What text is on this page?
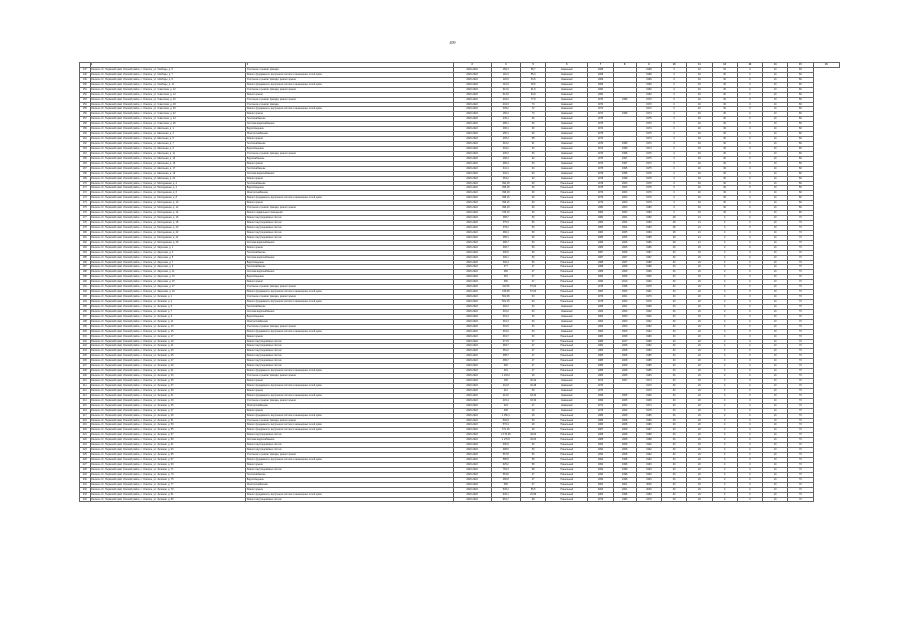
499
	1	2	3	4	5	6	7	8	9	10	11	12	13	14	15	16
147	Уинское с/п, Пермский край, Уинский район, с. Уинское, ул. Свободы, д. 5	Утепление и ремонт фасада	2020-2022	150,4	65,7	Каменный	1968		1968	0	40	30	0	10	80	
148	Уинское с/п, Пермский край, Уинский район, с. Уинское, ул. Свободы, д. 7	Ремонт фундамента, внутренних систем и инженерных сетей дома	2020-2022	118,4	55,3	Каменный	1968		1968	0	40	30	0	10	80	
149	Уинское с/п, Пермский край, Уинский район, с. Уинское, ул. Свободы, д. 9	Утепление и ремонт фасада, ремонт крыши	2020-2022	120,6	54,8	Каменный	1969		1969	0	40	30	0	10	80	
150	Уинское с/п, Пермский край, Уинский район, с. Уинское, ул. Свободы, д. 11	Ремонт фундамента, внутренних систем и инженерных сетей дома	2020-2022	110,9	49,5	Каменный	1969		1969	0	40	30	0	10	80	
151	Уинское с/п, Пермский край, Уинский район, с. Уинское, ул. Советская, д. 12	Утепление и ремонт фасада, ремонт крыши	2020-2022	612,6	61,8	Каменный	1960		1960	0	40	30	0	10	80	
152	Уинское с/п, Пермский край, Уинский район, с. Уинское, ул. Советская, д. 14	Ремонт крыши	2020-2022	613,6	64,8	Каменный	1960		1960	0	40	30	0	10	80	
153	Уинское с/п, Пермский край, Уинский район, с. Уинское, ул. Советская, д. 16	Утепление и ремонт фасада, ремонт крыши	2020-2022	204,2	77,8	Каменный	1970	1998	1970	0	40	30	0	10	80	
154	Уинское с/п, Пермский край, Уинский район, с. Уинское, ул. Советская, д. 18	Утепление и ремонт фасада	2020-2022	204,3	73	Каменный	1970		1970	0	40	30	0	10	80	
155	Уинское с/п, Пермский край, Уинский район, с. Уинское, ул. Советская, д. 20	Ремонт фундамента, внутренних систем и инженерных сетей дома	2020-2022	305,2	72	Каменный	1972		1972	0	40	30	0	10	80	
156	Уинское с/п, Пермский край, Уинский район, с. Уинское, ул. Советская, д. 22	Ремонт крыши	2020-2022	156,4	70	Каменный	1974	1998	1974	0	40	30	0	10	80	
157	Уинское с/п, Пермский край, Уинский район, с. Уинское, ул. Советская, д. 24	Теплоснабжение	2020-2022	245,1	60	Каменный	1975		1975	0	40	30	0	10	80	
158	Уинское с/п, Пермский край, Уинский район, с. Уинское, ул. Советская, д. 26	Система водоснабжения	2020-2022	286,1	60	Каменный	1976		1976	0	40	30	0	10	80	
159	Уинское с/п, Пермский край, Уинский район, с. Уинское, ул. Школьная, д. 1	Водоотведение	2020-2022	290,1	60	Каменный	1974		1974	0	40	30	0	10	80	
160	Уинское с/п, Пермский край, Уинский район, с. Уинское, ул. Школьная, д. 3	Электроснабжение	2020-2022	250,1	60	Каменный	1975		1975	0	40	30	0	10	80	
161	Уинское с/п, Пермский край, Уинский район, с. Уинское, ул. Школьная, д. 5	Ремонт крыши	2020-2022	205,2	58	Каменный	1973		1973	0	40	30	0	10	80	
162	Уинское с/п, Пермский край, Уинский район, с. Уинское, ул. Школьная, д. 7	Теплоснабжение	2020-2022	316,2	61	Каменный	1970	1995	1970	0	40	30	0	10	80	
163	Уинское с/п, Пермский край, Уинский район, с. Уинское, ул. Школьная, д. 9	Водоотведение	2020-2022	304,2	64	Каменный	1974	1995	1974	0	40	30	0	10	80	
164	Уинское с/п, Пермский край, Уинский район, с. Уинское, ул. Школьная, д. 11	Утепление и ремонт фасада, ремонт крыши	2020-2022	205,3	63	Каменный	1976	1998	1976	0	40	30	0	10	80	
165	Уинское с/п, Пермский край, Уинский район, с. Уинское, ул. Школьная, д. 13	Водоснабжение	2020-2022	298,3	62	Каменный	1975	1997	1975	0	40	30	0	10	80	
166	Уинское с/п, Пермский край, Уинский район, с. Уинское, ул. Школьная, д. 15	Ремонт крыши	2020-2022	280,4	63	Каменный	1973	1997	1973	0	40	30	0	10	80	
167	Уинское с/п, Пермский край, Уинский район, с. Уинское, ул. Школьная, д. 17	Теплоснабжение	2020-2022	341,1	64	Каменный	1975	1995	1975	0	40	30	0	10	80	
168	Уинское с/п, Пермский край, Уинский район, с. Уинское, ул. Школьная, д. 19	Система водоснабжения	2020-2022	342,1	63	Каменный	1978	1995	1978	0	40	30	0	10	80	
169	Уинское с/п, Пермский край, Уинский район, с. Уинское, ул. Школьная, д. 21	Ремонт крыши	2020-2022	354,2	62	Каменный	1978	1998	1978	0	40	30	0	10	80	
170	Уинское с/п, Пермский край, Уинский район, с. Уинское, ул. Молодежная, д. 2	Теплоснабжение	2020-2022	390,18	60	Панельный	1978	2003	1978	0	40	30	0	10	80	
171	Уинское с/п, Пермский край, Уинский район, с. Уинское, ул. Молодежная, д. 4	Водоотведение	2020-2022	395,18	60	Панельный	1978	2003	1978	0	40	30	0	10	80	
172	Уинское с/п, Пермский край, Уинский район, с. Уинское, ул. Молодежная, д. 6	Электроснабжение	2020-2022	398,18	60	Панельный	1979	2003	1979	0	40	30	0	10	80	
173	Уинское с/п, Пермский край, Уинский район, с. Уинское, ул. Молодежная, д. 8	Ремонт фундамента, внутренних систем и инженерных сетей дома	2020-2022	398,16	60	Панельный	1979	2003	1979	0	40	30	0	10	80	
174	Уинское с/п, Пермский край, Уинский район, с. Уинское, ул. Молодежная, д. 10	Ремонт крыши	2020-2022	399,16	60	Панельный	1979	2003	1979	0	40	30	0	10	80	
175	Уинское с/п, Пермский край, Уинский район, с. Уинское, ул. Молодежная, д. 12	Утепление и ремонт фасада, ремонт крыши	2020-2022	398,18	60	Панельный	1980	2003	1980	0	40	30	0	10	80	
176	Уинское с/п, Пермский край, Уинский район, с. Уинское, ул. Молодежная, д. 14	Ремонт подвальных помещений	2020-2022	378,16	63	Панельный	1980	2003	1980	0	40	30	0	10	80	
177	Уинское с/п, Пермский край, Уинский район, с. Уинское, ул. Молодежная, д. 16	Ремонт внутридомовых систем	2020-2022	388,7	50	Панельный	1980	2004	1980	28	21	0	0	10	70	
178	Уинское с/п, Пермский край, Уинский район, с. Уинское, ул. Молодежная, д. 18	Ремонт внутридомовых систем	2020-2022	375,3	50	Панельный	1983	2004	1983	28	21	0	0	10	70	
179	Уинское с/п, Пермский край, Уинский район, с. Уинское, ул. Молодежная, д. 20	Ремонт внутридомовых систем	2020-2022	378,2	50	Панельный	1983	2004	1983	28	21	0	0	10	70	
180	Уинское с/п, Пермский край, Уинский район, с. Уинское, ул. Молодежная, д. 22	Ремонт внутридомовых систем	2020-2022	380,4	50	Панельный	1984	2005	1984	28	21	0	0	10	70	
181	Уинское с/п, Пермский край, Уинский район, с. Уинское, ул. Молодежная, д. 24	Ремонт внутридомовых систем	2020-2022	385,1	50	Панельный	1985	2005	1985	28	21	0	0	10	70	
182	Уинское с/п, Пермский край, Уинский район, с. Уинское, ул. Молодежная, д. 26	Система водоснабжения	2020-2022	386,7	50	Панельный	1986	2006	1986	28	21	0	0	10	70	
183	Уинское с/п, Пермский край, Уинский район, с. Уинское, ул. Заречная, д. 1	Ремонт крыши	2020-2022	390,7	50	Панельный	1986	2006	1986	30	20	0	0	10	70	
184	Уинское с/п, Пермский край, Уинский район, с. Уинское, ул. Заречная, д. 3	Теплоснабжение	2020-2022	390,5	50	Панельный	1987	2006	1987	30	20	0	0	10	70	
185	Уинское с/п, Пермский край, Уинский район, с. Уинское, ул. Заречная, д. 5	Система водоснабжения	2020-2022	390,1	50	Панельный	1987	2007	1987	30	20	0	0	10	70	
186	Уинское с/п, Пермский край, Уинский район, с. Уинское, ул. Заречная, д. 7	Водоотведение	2020-2022	392,4	50	Панельный	1988	2007	1988	30	20	0	0	10	70	
187	Уинское с/п, Пермский край, Уинский район, с. Уинское, ул. Заречная, д. 9	Теплоснабжение	2020-2022	377	47	Панельный	1988	2008	1988	30	20	0	0	10	70	
188	Уинское с/п, Пермский край, Уинский район, с. Уинское, ул. Заречная, д. 11	Система водоснабжения	2020-2022	380	47	Панельный	1989	2009	1989	30	20	0	0	10	70	
189	Уинское с/п, Пермский край, Уинский район, с. Уинское, ул. Заречная, д. 13	Водоотведение	2020-2022	381	47	Панельный	1990	2009	1990	30	20	0	0	10	70	
190	Уинское с/п, Пермский край, Уинский район, с. Уинское, ул. Заречная, д. 15	Ремонт крыши	2020-2022	390	47	Панельный	1990	2010	1990	30	20	0	0	10	70	
191	Уинское с/п, Пермский край, Уинский район, с. Уинское, ул. Заречная, д. 17	Утепление и ремонт фасада, ремонт крыши	2020-2022	411,56	57,03	Панельный	1978	1995	1978	30	20	0	0	10	70	
192	Уинское с/п, Пермский край, Уинский район, с. Уинское, ул. Заречная, д. 19	Ремонт фундамента, внутренних систем и инженерных сетей дома	2020-2022	415,68	57,03	Панельный	1981	2003	1981	30	20	0	0	10	70	
193	Уинское с/п, Пермский край, Уинский район, с. Уинское, ул. Зелёная, д. 1	Утепление и ремонт фасада, ремонт крыши	2020-2022	501,08	63	Панельный	1979	2001	1979	30	20	0	0	10	70	
194	Уинское с/п, Пермский край, Уинский район, с. Уинское, ул. Зелёная, д. 3	Ремонт фундамента, внутренних систем и инженерных сетей дома	2020-2022	501,15	63	Панельный	1978	2003	1978	30	20	0	0	10	70	
195	Уинское с/п, Пермский край, Уинский район, с. Уинское, ул. Зелёная, д. 5	Теплоснабжение	2020-2022	392,3	63	Каменный	1968	2001	1968	30	20	0	0	10	70	
196	Уинское с/п, Пермский край, Уинский район, с. Уинское, ул. Зелёная, д. 7	Система водоснабжения	2020-2022	391,2	63	Каменный	1962	2000	1962	30	20	0	0	10	70	
197	Уинское с/п, Пермский край, Уинский район, с. Уинское, ул. Зелёная, д. 9	Водоотведение	2020-2022	391,3	63	Каменный	1962	2000	1962	30	20	0	0	10	70	
198	Уинское с/п, Пермский край, Уинский район, с. Уинское, ул. Зелёная, д. 11	Электроснабжение	2020-2022	391,4	63	Каменный	1962	2000	1962	30	20	0	0	10	70	
199	Уинское с/п, Пермский край, Уинский район, с. Уинское, ул. Зелёная, д. 13	Утепление и ремонт фасада, ремонт крыши	2020-2022	391,5	63	Каменный	1962	2000	1962	30	20	0	0	10	70	
200	Уинское с/п, Пермский край, Уинский район, с. Уинское, ул. Зелёная, д. 15	Ремонт фундамента, внутренних систем и инженерных сетей дома	2020-2022	391,6	63	Каменный	1962	2000	1962	30	20	0	0	10	70	
201	Уинское с/п, Пермский край, Уинский район, с. Уинское, ул. Зелёная, д. 17	Ремонт крыши	2020-2022	391,7	63	Панельный	1980	2008	1980	30	20	0	0	10	70	
202	Уинское с/п, Пермский край, Уинский район, с. Уинское, ул. Зелёная, д. 19	Ремонт внутридомовых систем	2020-2022	371,5	47	Панельный	1986	2017	1986	30	20	0	0	10	70	
203	Уинское с/п, Пермский край, Уинский район, с. Уинское, ул. Зелёная, д. 21	Ремонт внутридомовых систем	2020-2022	383,7	47	Панельный	1982	2008	1982	30	20	0	0	10	70	
204	Уинское с/п, Пермский край, Уинский район, с. Уинское, ул. Зелёная, д. 23	Ремонт внутридомовых систем	2020-2022	381,2	47	Панельный	1983	2008	1983	30	20	0	0	10	70	
205	Уинское с/п, Пермский край, Уинский район, с. Уинское, ул. Зелёная, д. 25	Ремонт внутридомовых систем	2020-2022	388,7	47	Панельный	1985	2008	1985	30	20	0	0	10	70	
206	Уинское с/п, Пермский край, Уинский район, с. Уинское, ул. Зелёная, д. 27	Ремонт внутридомовых систем	2020-2022	389,7	47	Панельный	1985	2008	1985	30	20	0	0	10	70	
207	Уинское с/п, Пермский край, Уинский район, с. Уинское, ул. Зелёная, д. 29	Ремонт внутридомовых систем	2020-2022	390	47	Панельный	1985	2008	1985	30	20	0	0	10	70	
208	Уинское с/п, Пермский край, Уинский район, с. Уинское, ул. Зелёная, д. 31	Ремонт фундамента, внутренних систем и инженерных сетей дома	2020-2022	391	47	Панельный	1985	2008	1985	30	20	0	0	10	70	
209	Уинское с/п, Пермский край, Уинский район, с. Уинское, ул. Зелёная, д. 33	Утепление и ремонт фасада, ремонт крыши	2020-2022	1 133,2	49	Панельный	1983	2008	1983	30	20	0	0	10	70	
210	Уинское с/п, Пермский край, Уинский район, с. Уинское, ул. Зелёная, д. 35	Ремонт крыши	2020-2022	196	40,42	Каменный	1974	2007	1974	30	20	0	0	10	70	
211	Уинское с/п, Пермский край, Уинский район, с. Уинское, ул. Зелёная, д. 37	Ремонт фундамента, внутренних систем и инженерных сетей дома	2020-2022	211,8	40,48	Каменный	1970		1970	30	20	0	0	10	70	
212	Уинское с/п, Пермский край, Уинский район, с. Уинское, ул. Зелёная, д. 39	Ремонт крыши	2020-2022	212	38	Каменный	1970		1970	30	20	0	0	10	70	
213	Уинское с/п, Пермский край, Уинский район, с. Уинское, ул. Зелёная, д. 41	Ремонт фундамента, внутренних систем и инженерных сетей дома	2020-2022	214,6	33,32	Каменный	1996	2005	1996	30	20	0	0	10	70	
214	Уинское с/п, Пермский край, Уинский район, с. Уинское, ул. Зелёная, д. 43	Утепление и ремонт фасада, ремонт крыши	2020-2022	215,4	33,32	Каменный	1996	2005	1996	30	20	0	0	10	70	
215	Уинское с/п, Пермский край, Уинский район, с. Уинское, ул. Зелёная, д. 45	Электроснабжение	2020-2022	324	47	Каменный	1974	2002	1974	30	20	0	0	10	70	
216	Уинское с/п, Пермский край, Уинский район, с. Уинское, ул. Зелёная, д. 47	Ремонт крыши	2020-2022	308	40	Каменный	1978	2002	1978	30	20	0	0	10	70	
217	Уинское с/п, Пермский край, Уинский район, с. Уинское, ул. Зелёная, д. 49	Ремонт фундамента, внутренних систем и инженерных сетей дома	2020-2022	1 150,1	49	Панельный	1985	2008	1985	30	20	0	0	10	70	
218	Уинское с/п, Пермский край, Уинский район, с. Уинское, ул. Зелёная, д. 51	Утепление и ремонт фасада, ремонт крыши	2020-2022	500,9	50	Панельный	1986	2008	1986	30	20	0	0	10	70	
219	Уинское с/п, Пермский край, Уинский район, с. Уинское, ул. Зелёная, д. 53	Ремонт фундамента, внутренних систем и инженерных сетей дома	2020-2022	570,4	49	Панельный	1986	2008	1986	30	20	0	0	10	70	
220	Уинское с/п, Пермский край, Уинский район, с. Уинское, ул. Зелёная, д. 55	Ремонт фундамента, внутренних систем и инженерных сетей дома	2020-2022	571,18	49	Панельный	1987	2008	1987	30	20	0	0	10	70	
221	Уинское с/п, Пермский край, Уинский район, с. Уинское, ул. Зелёная, д. 57	Ремонт внутридомовых систем	2020-2022	2 170,28	49,03	Панельный	1988	2008	1988	30	20	0	0	10	70	
222	Уинское с/п, Пермский край, Уинский район, с. Уинское, ул. Зелёная, д. 59	Система водоснабжения	2020-2022	1 176,8	49,03	Панельный	1988	2008	1988	30	20	0	0	10	70	
223	Уинское с/п, Пермский край, Уинский район, с. Уинское, ул. Зелёная, д. 61	Ремонт внутридомовых систем	2020-2022	390,9	50	Панельный	1992	2008	1992	30	20	0	0	10	70	
224	Уинское с/п, Пермский край, Уинский район, с. Уинское, ул. Зелёная, д. 63	Ремонт внутридомовых систем	2020-2022	398,5	50	Панельный	1992	2008	1992	30	20	0	0	10	70	
225	Уинское с/п, Пермский край, Уинский район, с. Уинское, ул. Зелёная, д. 65	Утепление и ремонт фасада, ремонт крыши	2020-2022	567,8	50	Панельный	1992	2008	1992	30	20	0	0	10	70	
226	Уинское с/п, Пермский край, Уинский район, с. Уинское, ул. Зелёная, д. 67	Ремонт фундамента, внутренних систем и инженерных сетей дома	2020-2022	586,5	58	Панельный	1992	1998	1992	30	20	0	0	10	70	
227	Уинское с/п, Пермский край, Уинский район, с. Уинское, ул. Зелёная, д. 69	Ремонт крыши	2020-2022	625,2	58	Панельный	1993	1998	1993	30	20	0	0	10	70	
228	Уинское с/п, Пермский край, Уинский район, с. Уинское, ул. Зелёная, д. 71	Ремонт внутридомовых систем	2020-2022	750,3	58	Панельный	1993	1998	1993	30	20	0	0	10	70	
229	Уинское с/п, Пермский край, Уинский район, с. Уинское, ул. Зелёная, д. 73	Теплоснабжение	2020-2022	564,8	47	Панельный	1993	1998	1993	30	20	0	0	10	70	
230	Уинское с/п, Пермский край, Уинский район, с. Уинское, ул. Зелёная, д. 75	Водоотведение	2020-2022	480,8	47	Панельный	1993	1998	1993	30	20	0	0	10	70	
231	Уинское с/п, Пермский край, Уинский район, с. Уинское, ул. Зелёная, д. 77	Электроснабжение	2020-2022	596	47	Панельный	2000	2001	2000	30	20	0	0	10	70	
232	Уинское с/п, Пермский край, Уинский район, с. Уинское, ул. Зелёная, д. 79	Ремонт крыши	2020-2022	545,4	56,5	Панельный	2000	2001	2000	30	20	0	0	10	70	
233	Уинское с/п, Пермский край, Уинский район, с. Уинское, ул. Зелёная, д. 81	Ремонт фундамента, внутренних систем и инженерных сетей дома	2020-2022	946,1	22,69	Панельный	1983	1998	1983	30	20	0	0	10	70	
234	Уинское с/п, Пермский край, Уинский район, с. Уинское, ул. Зелёная, д. 83	Ремонт внутридомовых систем	2020-2022	964,7	68	Панельный	1979	1983	1979	30	20	0	0	10	70	
